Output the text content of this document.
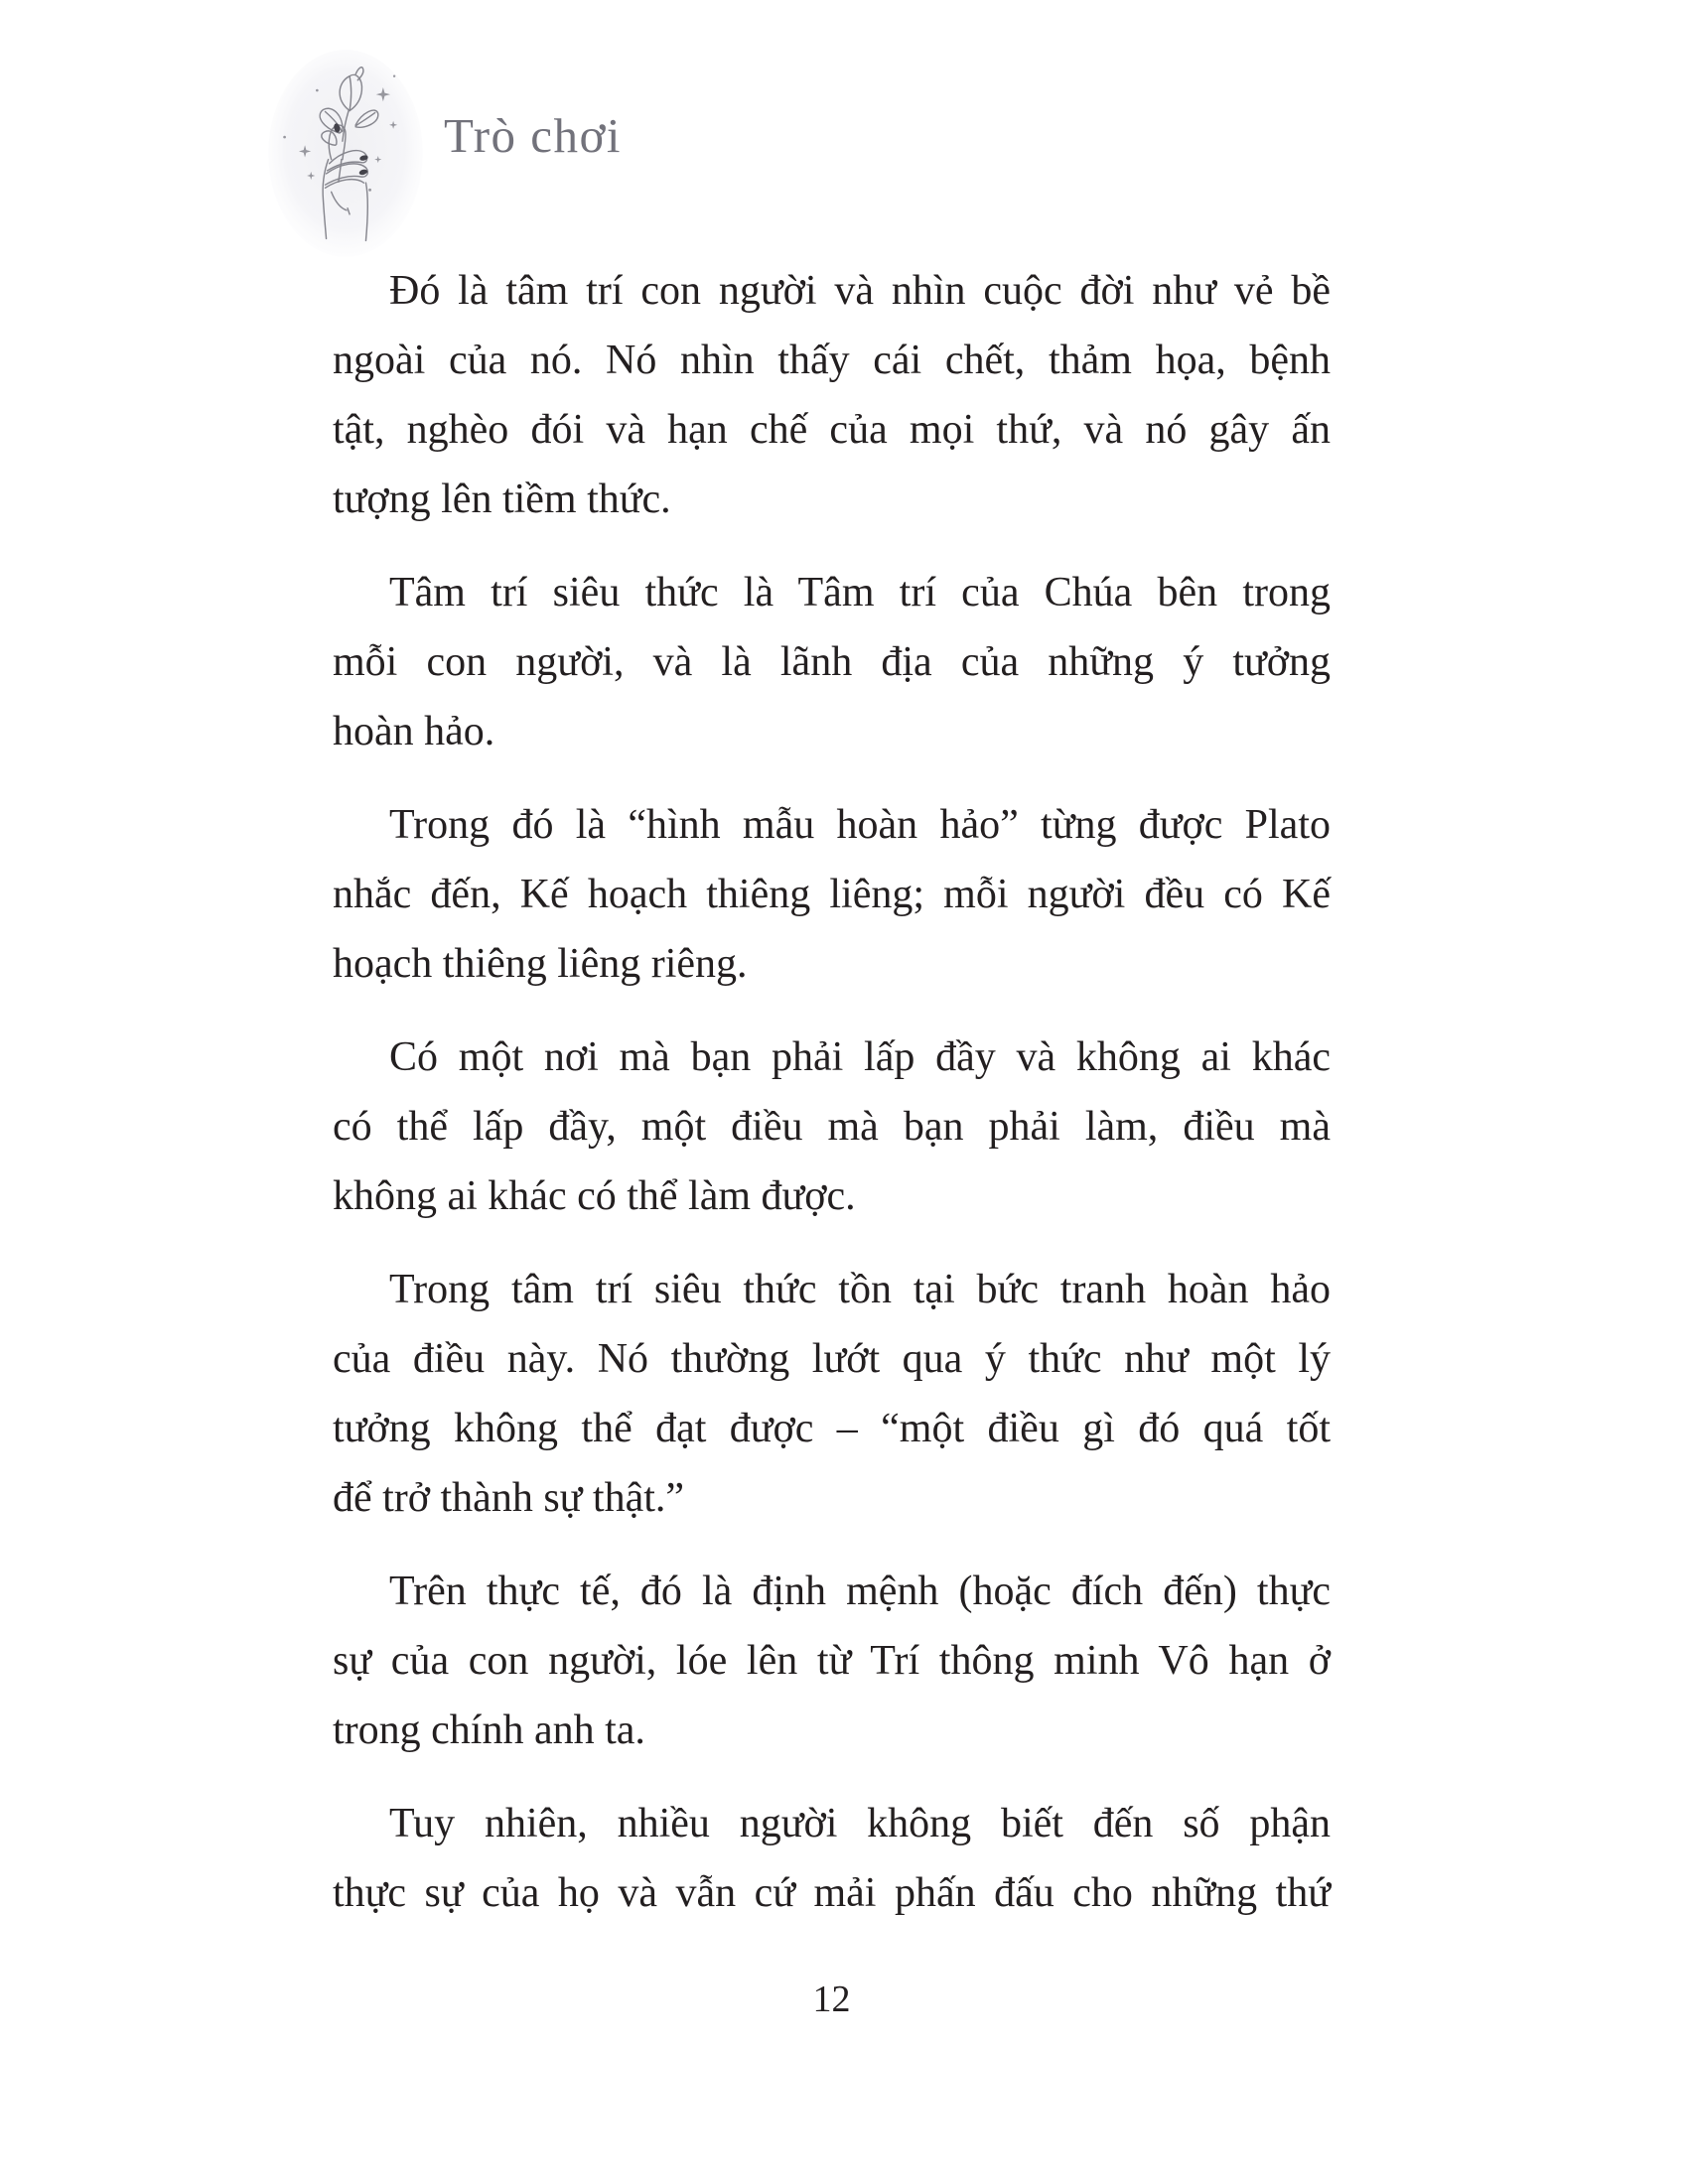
Trò chơi
Đó là tâm trí con người và nhìn cuộc đời như vẻ bề
ngoài của nó. Nó nhìn thấy cái chết, thảm họa, bệnh
tật, nghèo đói và hạn chế của mọi thứ, và nó gây ấn
tượng lên tiềm thức.
Tâm trí siêu thức là Tâm trí của Chúa bên trong
mỗi con người, và là lãnh địa của những ý tưởng
hoàn hảo.
Trong đó là “hình mẫu hoàn hảo” từng được Plato
nhắc đến, Kế hoạch thiêng liêng; mỗi người đều có Kế
hoạch thiêng liêng riêng.
Có một nơi mà bạn phải lấp đầy và không ai khác
có thể lấp đầy, một điều mà bạn phải làm, điều mà
không ai khác có thể làm được.
Trong tâm trí siêu thức tồn tại bức tranh hoàn hảo
của điều này. Nó thường lướt qua ý thức như một lý
tưởng không thể đạt được – “một điều gì đó quá tốt
để trở thành sự thật.”
Trên thực tế, đó là định mệnh (hoặc đích đến) thực
sự của con người, lóe lên từ Trí thông minh Vô hạn ở
trong chính anh ta.
Tuy nhiên, nhiều người không biết đến số phận
thực sự của họ và vẫn cứ mải phấn đấu cho những thứ
12
